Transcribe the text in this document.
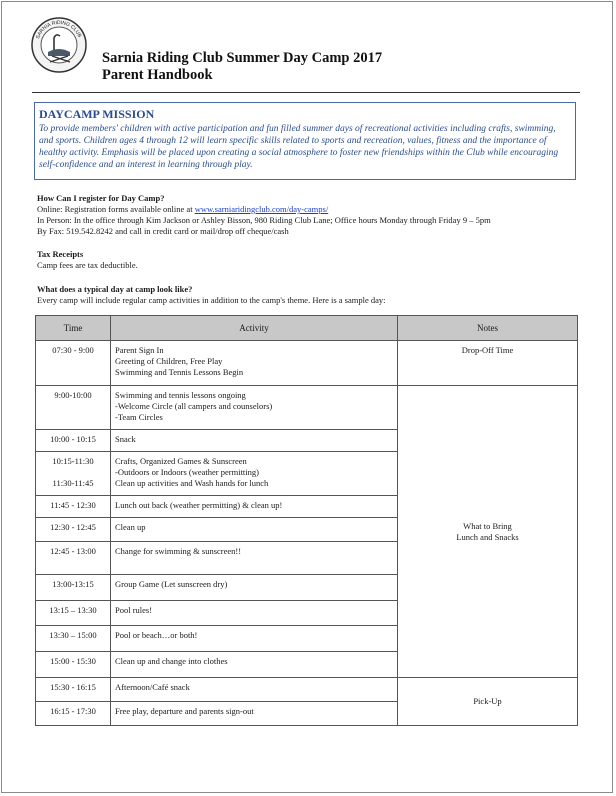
SARNIA RIDING CLUB
Sarnia Riding Club Summer Day Camp 2017
Parent Handbook
DAYCAMP MISSION
To provide members' children with active participation and fun filled summer days of recreational activities including crafts, swimming, and sports. Children ages 4 through 12 will learn specific skills related to sports and recreation, values, fitness and the importance of healthy activity. Emphasis will be placed upon creating a social atmosphere to foster new friendships within the Club while encouraging self-confidence and an interest in learning through play.
How Can I register for Day Camp?
Online: Registration forms available online at www.sarniaridingclub.com/day-camps/
In Person: In the office through Kim Jackson or Ashley Bisson, 980 Riding Club Lane; Office hours Monday through Friday 9 – 5pm
By Fax: 519.542.8242 and call in credit card or mail/drop off cheque/cash
Tax Receipts
Camp fees are tax deductible.
What does a typical day at camp look like?
Every camp will include regular camp activities in addition to the camp's theme. Here is a sample day:
Time	Activity	Notes

07:30 - 9:00	Parent Sign In
Greeting of Children, Free Play
Swimming and Tennis Lessons Begin	Drop-Off Time

9:00-10:00	Swimming and tennis lessons ongoing
-Welcome Circle (all campers and counselors)
-Team Circles	What to Bring
Lunch and Snacks

10:00 - 10:15	Snack	

10:15-11:30
11:30-11:45	Crafts, Organized Games & Sunscreen
-Outdoors or Indoors (weather permitting)
Clean up activities and Wash hands for lunch	

11:45 - 12:30	Lunch out back (weather permitting) & clean up!	

12:30 - 12:45	Clean up	

12:45 - 13:00	Change for swimming & sunscreen!!	

13:00-13:15	Group Game (Let sunscreen dry)	

13:15 – 13:30	Pool rules!	

13:30 – 15:00	Pool or beach…or both!	

15:00 - 15:30	Clean up and change into clothes	

15:30 - 16:15	Afternoon/Café snack	Pick-Up

16:15 - 17:30	Free play, departure and parents sign-out	
